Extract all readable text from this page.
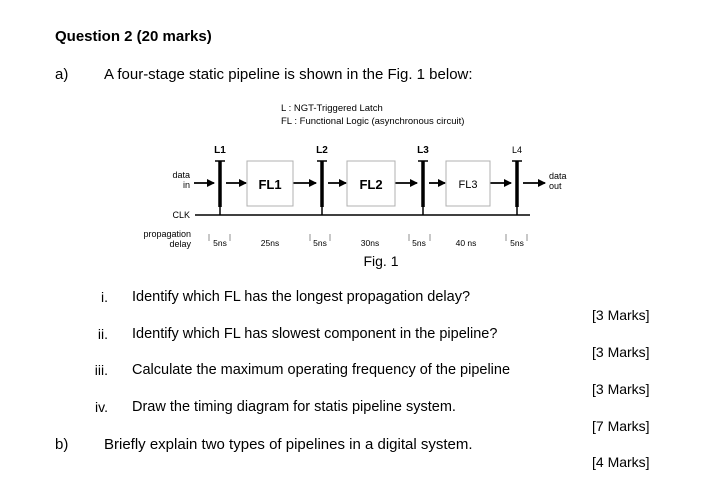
Question 2 (20 marks)
a) A four-stage static pipeline is shown in the Fig. 1 below:
L : NGT-Triggered Latch
FL : Functional Logic (asynchronous circuit)
L1	L2	L3	L4
data
in
data
out
FL1	FL2	FL3
CLK
propagation
delay	5ns	25ns	5ns	30ns	5ns	40 ns	5ns
Fig. 1
i. Identify which FL has the longest propagation delay?
[3 Marks]
ii. Identify which FL has slowest component in the pipeline?
[3 Marks]
iii. Calculate the maximum operating frequency of the pipeline
[3 Marks]
iv. Draw the timing diagram for statis pipeline system.
[7 Marks]
b) Briefly explain two types of pipelines in a digital system.
[4 Marks]
